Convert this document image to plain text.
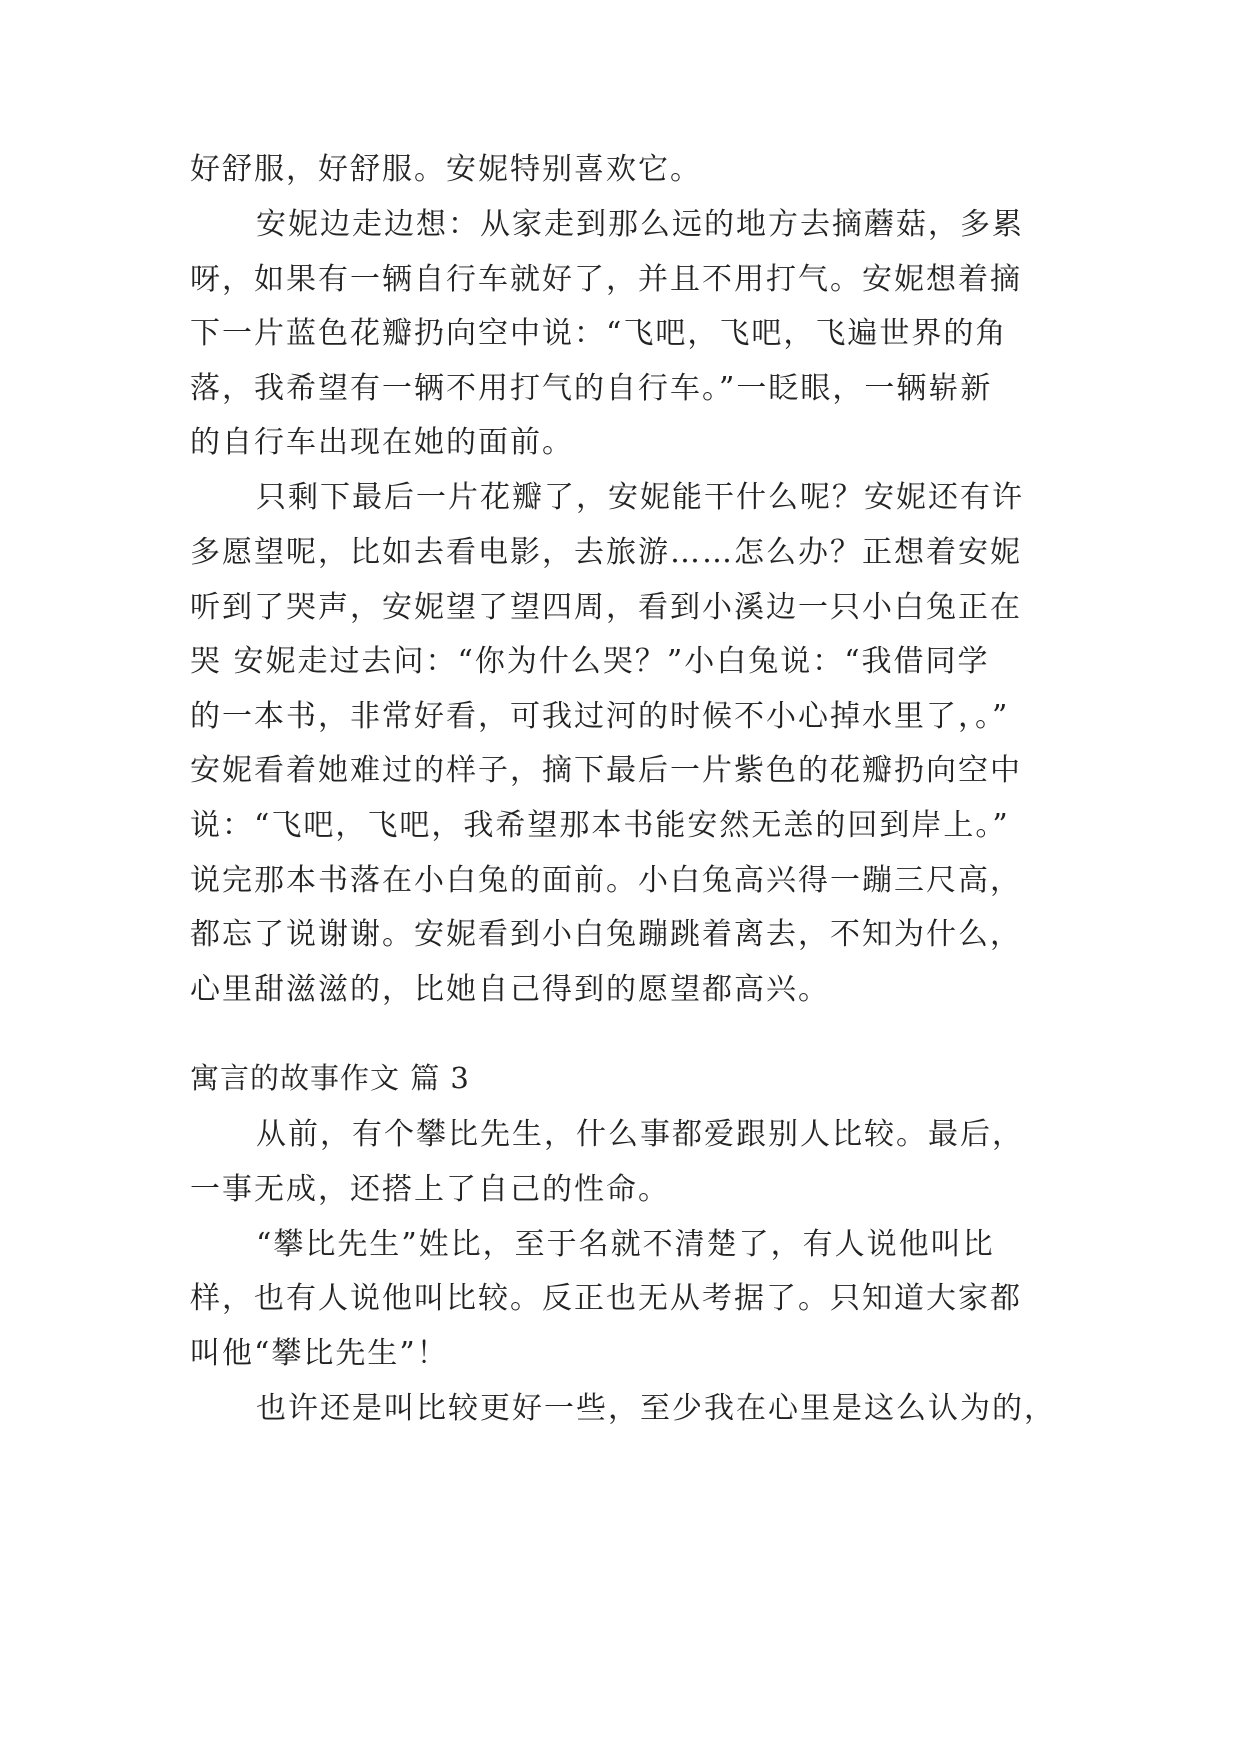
好舒服，好舒服。安妮特别喜欢它。
安妮边走边想：从家走到那么远的地方去摘蘑菇，多累
呀，如果有一辆自行车就好了，并且不用打气。安妮想着摘
下一片蓝色花瓣扔向空中说：“飞吧，飞吧，飞遍世界的角
落，我希望有一辆不用打气的自行车。”一眨眼，一辆崭新
的自行车出现在她的面前。
只剩下最后一片花瓣了，安妮能干什么呢？安妮还有许
多愿望呢，比如去看电影，去旅游……怎么办？正想着安妮
听到了哭声，安妮望了望四周，看到小溪边一只小白兔正在
哭 安妮走过去问：“你为什么哭？”小白兔说：“我借同学
的一本书，非常好看，可我过河的时候不小心掉水里了，。”
安妮看着她难过的样子，摘下最后一片紫色的花瓣扔向空中
说：“飞吧，飞吧，我希望那本书能安然无恙的回到岸上。”
说完那本书落在小白兔的面前。小白兔高兴得一蹦三尺高，
都忘了说谢谢。安妮看到小白兔蹦跳着离去，不知为什么，
心里甜滋滋的，比她自己得到的愿望都高兴。
寓言的故事作文 篇 3
从前，有个攀比先生，什么事都爱跟别人比较。最后，
一事无成，还搭上了自己的性命。
“攀比先生”姓比，至于名就不清楚了，有人说他叫比
样，也有人说他叫比较。反正也无从考据了。只知道大家都
叫他“攀比先生”！
也许还是叫比较更好一些，至少我在心里是这么认为的，
